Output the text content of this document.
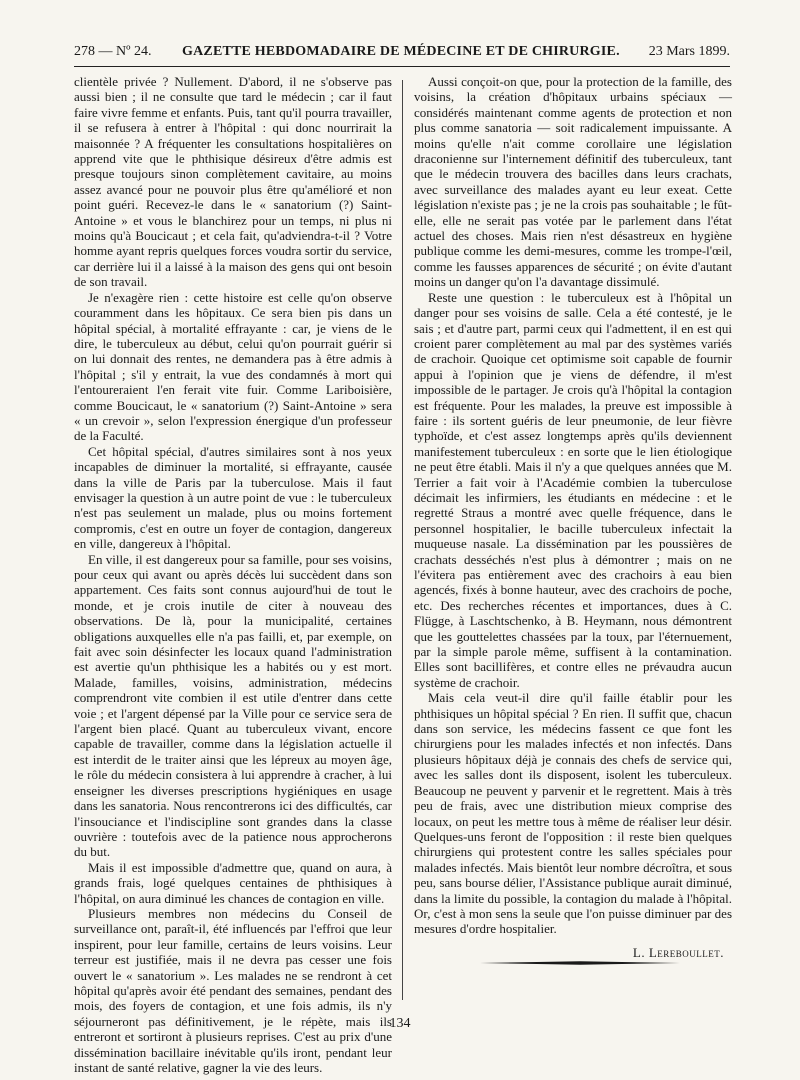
278 — Nº 24. GAZETTE HEBDOMADAIRE DE MÉDECINE ET DE CHIRURGIE. 23 Mars 1899.

clientèle privée ? Nullement. D'abord, il ne s'observe pas aussi bien ; il ne consulte que tard le médecin ; car il faut faire vivre femme et enfants. Puis, tant qu'il pourra travailler, il se refusera à entrer à l'hôpital : qui donc nourrirait la maisonnée ? A fréquenter les consultations hospitalières on apprend vite que le phthisique désireux d'être admis est presque toujours sinon complètement cavitaire, au moins assez avancé pour ne pouvoir plus être qu'amélioré et non point guéri. Recevez-le dans le « sanatorium (?) Saint-Antoine » et vous le blanchirez pour un temps, ni plus ni moins qu'à Boucicaut ; et cela fait, qu'adviendra-t-il ? Votre homme ayant repris quelques forces voudra sortir du service, car derrière lui il a laissé à la maison des gens qui ont besoin de son travail.

Je n'exagère rien : cette histoire est celle qu'on observe couramment dans les hôpitaux. Ce sera bien pis dans un hôpital spécial, à mortalité effrayante : car, je viens de le dire, le tuberculeux au début, celui qu'on pourrait guérir si on lui donnait des rentes, ne demandera pas à être admis à l'hôpital ; s'il y entrait, la vue des condamnés à mort qui l'entoureraient l'en ferait vite fuir. Comme Lariboisière, comme Boucicaut, le « sanatorium (?) Saint-Antoine » sera « un crevoir », selon l'expression énergique d'un professeur de la Faculté.

Cet hôpital spécial, d'autres similaires sont à nos yeux incapables de diminuer la mortalité, si effrayante, causée dans la ville de Paris par la tuberculose. Mais il faut envisager la question à un autre point de vue : le tuberculeux n'est pas seulement un malade, plus ou moins fortement compromis, c'est en outre un foyer de contagion, dangereux en ville, dangereux à l'hôpital.

En ville, il est dangereux pour sa famille, pour ses voisins, pour ceux qui avant ou après décès lui succèdent dans son appartement. Ces faits sont connus aujourd'hui de tout le monde, et je crois inutile de citer à nouveau des observations. De là, pour la municipalité, certaines obligations auxquelles elle n'a pas failli, et, par exemple, on fait avec soin désinfecter les locaux quand l'administration est avertie qu'un phthisique les a habités ou y est mort. Malade, familles, voisins, administration, médecins comprendront vite combien il est utile d'entrer dans cette voie ; et l'argent dépensé par la Ville pour ce service sera de l'argent bien placé. Quant au tuberculeux vivant, encore capable de travailler, comme dans la législation actuelle il est interdit de le traiter ainsi que les lépreux au moyen âge, le rôle du médecin consistera à lui apprendre à cracher, à lui enseigner les diverses prescriptions hygiéniques en usage dans les sanatoria. Nous rencontrerons ici des difficultés, car l'insouciance et l'indiscipline sont grandes dans la classe ouvrière : toutefois avec de la patience nous approcherons du but.

Mais il est impossible d'admettre que, quand on aura, à grands frais, logé quelques centaines de phthisiques à l'hôpital, on aura diminué les chances de contagion en ville.

Plusieurs membres non médecins du Conseil de surveillance ont, paraît-il, été influencés par l'effroi que leur inspirent, pour leur famille, certains de leurs voisins. Leur terreur est justifiée, mais il ne devra pas cesser une fois ouvert le « sanatorium ». Les malades ne se rendront à cet hôpital qu'après avoir été pendant des semaines, pendant des mois, des foyers de contagion, et une fois admis, ils n'y séjourneront pas définitivement, je le répète, mais ils entreront et sortiront à plusieurs reprises. C'est au prix d'une dissémination bacillaire inévitable qu'ils iront, pendant leur instant de santé relative, gagner la vie des leurs.

Aussi conçoit-on que, pour la protection de la famille, des voisins, la création d'hôpitaux urbains spéciaux — considérés maintenant comme agents de protection et non plus comme sanatoria — soit radicalement impuissante. A moins qu'elle n'ait comme corollaire une législation draconienne sur l'internement définitif des tuberculeux, tant que le médecin trouvera des bacilles dans leurs crachats, avec surveillance des malades ayant eu leur exeat. Cette législation n'existe pas ; je ne la crois pas souhaitable ; le fût-elle, elle ne serait pas votée par le parlement dans l'état actuel des choses. Mais rien n'est désastreux en hygiène publique comme les demi-mesures, comme les trompe-l'œil, comme les fausses apparences de sécurité ; on évite d'autant moins un danger qu'on l'a davantage dissimulé.

Reste une question : le tuberculeux est à l'hôpital un danger pour ses voisins de salle. Cela a été contesté, je le sais ; et d'autre part, parmi ceux qui l'admettent, il en est qui croient parer complètement au mal par des systèmes variés de crachoir. Quoique cet optimisme soit capable de fournir appui à l'opinion que je viens de défendre, il m'est impossible de le partager. Je crois qu'à l'hôpital la contagion est fréquente. Pour les malades, la preuve est impossible à faire : ils sortent guéris de leur pneumonie, de leur fièvre typhoïde, et c'est assez longtemps après qu'ils deviennent manifestement tuberculeux : en sorte que le lien étiologique ne peut être établi. Mais il n'y a que quelques années que M. Terrier a fait voir à l'Académie combien la tuberculose décimait les infirmiers, les étudiants en médecine : et le regretté Straus a montré avec quelle fréquence, dans le personnel hospitalier, le bacille tuberculeux infectait la muqueuse nasale. La dissémination par les poussières de crachats desséchés n'est plus à démontrer ; mais on ne l'évitera pas entièrement avec des crachoirs à eau bien agencés, fixés à bonne hauteur, avec des crachoirs de poche, etc. Des recherches récentes et importances, dues à C. Flügge, à Laschtschenko, à B. Heymann, nous démontrent que les gouttelettes chassées par la toux, par l'éternuement, par la simple parole même, suffisent à la contamination. Elles sont bacillifères, et contre elles ne prévaudra aucun système de crachoir.

Mais cela veut-il dire qu'il faille établir pour les phthisiques un hôpital spécial ? En rien. Il suffit que, chacun dans son service, les médecins fassent ce que font les chirurgiens pour les malades infectés et non infectés. Dans plusieurs hôpitaux déjà je connais des chefs de service qui, avec les salles dont ils disposent, isolent les tuberculeux. Beaucoup ne peuvent y parvenir et le regrettent. Mais à très peu de frais, avec une distribution mieux comprise des locaux, on peut les mettre tous à même de réaliser leur désir. Quelques-uns feront de l'opposition : il reste bien quelques chirurgiens qui protestent contre les salles spéciales pour malades infectés. Mais bientôt leur nombre décroîtra, et sous peu, sans bourse délier, l'Assistance publique aurait diminué, dans la limite du possible, la contagion du malade à l'hôpital. Or, c'est à mon sens la seule que l'on puisse diminuer par des mesures d'ordre hospitalier.

L. Lereboullet.
134
